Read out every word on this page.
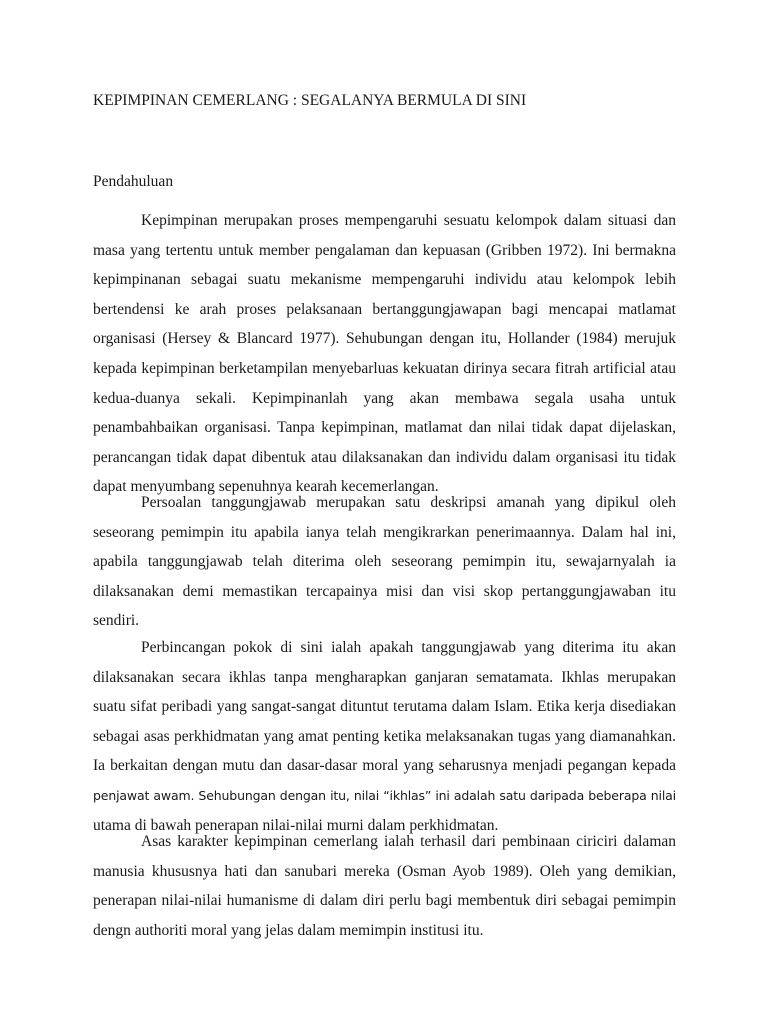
KEPIMPINAN CEMERLANG : SEGALANYA BERMULA DI SINI
Pendahuluan
Kepimpinan merupakan proses mempengaruhi sesuatu kelompok dalam situasi dan
masa yang tertentu untuk member pengalaman dan kepuasan (Gribben 1972). Ini bermakna
kepimpinanan sebagai suatu mekanisme mempengaruhi individu atau kelompok lebih
bertendensi ke arah proses pelaksanaan bertanggungjawapan bagi mencapai matlamat
organisasi (Hersey & Blancard 1977). Sehubungan dengan itu, Hollander (1984) merujuk
kepada kepimpinan berketampilan menyebarluas kekuatan dirinya secara fitrah artificial atau
kedua-duanya sekali. Kepimpinanlah yang akan membawa segala usaha untuk
penambahbaikan organisasi. Tanpa kepimpinan, matlamat dan nilai tidak dapat dijelaskan,
perancangan tidak dapat dibentuk atau dilaksanakan dan individu dalam organisasi itu tidak
dapat menyumbang sepenuhnya kearah kecemerlangan.
Persoalan tanggungjawab merupakan satu deskripsi amanah yang dipikul oleh
seseorang pemimpin itu apabila ianya telah mengikrarkan penerimaannya. Dalam hal ini,
apabila tanggungjawab telah diterima oleh seseorang pemimpin itu, sewajarnyalah ia
dilaksanakan demi memastikan tercapainya misi dan visi skop pertanggungjawaban itu
sendiri.
Perbincangan pokok di sini ialah apakah tanggungjawab yang diterima itu akan
dilaksanakan secara ikhlas tanpa mengharapkan ganjaran sematamata. Ikhlas merupakan
suatu sifat peribadi yang sangat-sangat dituntut terutama dalam Islam. Etika kerja disediakan
sebagai asas perkhidmatan yang amat penting ketika melaksanakan tugas yang diamanahkan.
Ia berkaitan dengan mutu dan dasar-dasar moral yang seharusnya menjadi pegangan kepada
penjawat awam. Sehubungan dengan itu, nilai “ikhlas” ini adalah satu daripada beberapa nilai
utama di bawah penerapan nilai-nilai murni dalam perkhidmatan.
Asas karakter kepimpinan cemerlang ialah terhasil dari pembinaan ciriciri dalaman
manusia khususnya hati dan sanubari mereka (Osman Ayob 1989). Oleh yang demikian,
penerapan nilai-nilai humanisme di dalam diri perlu bagi membentuk diri sebagai pemimpin
dengn authoriti moral yang jelas dalam memimpin institusi itu.
